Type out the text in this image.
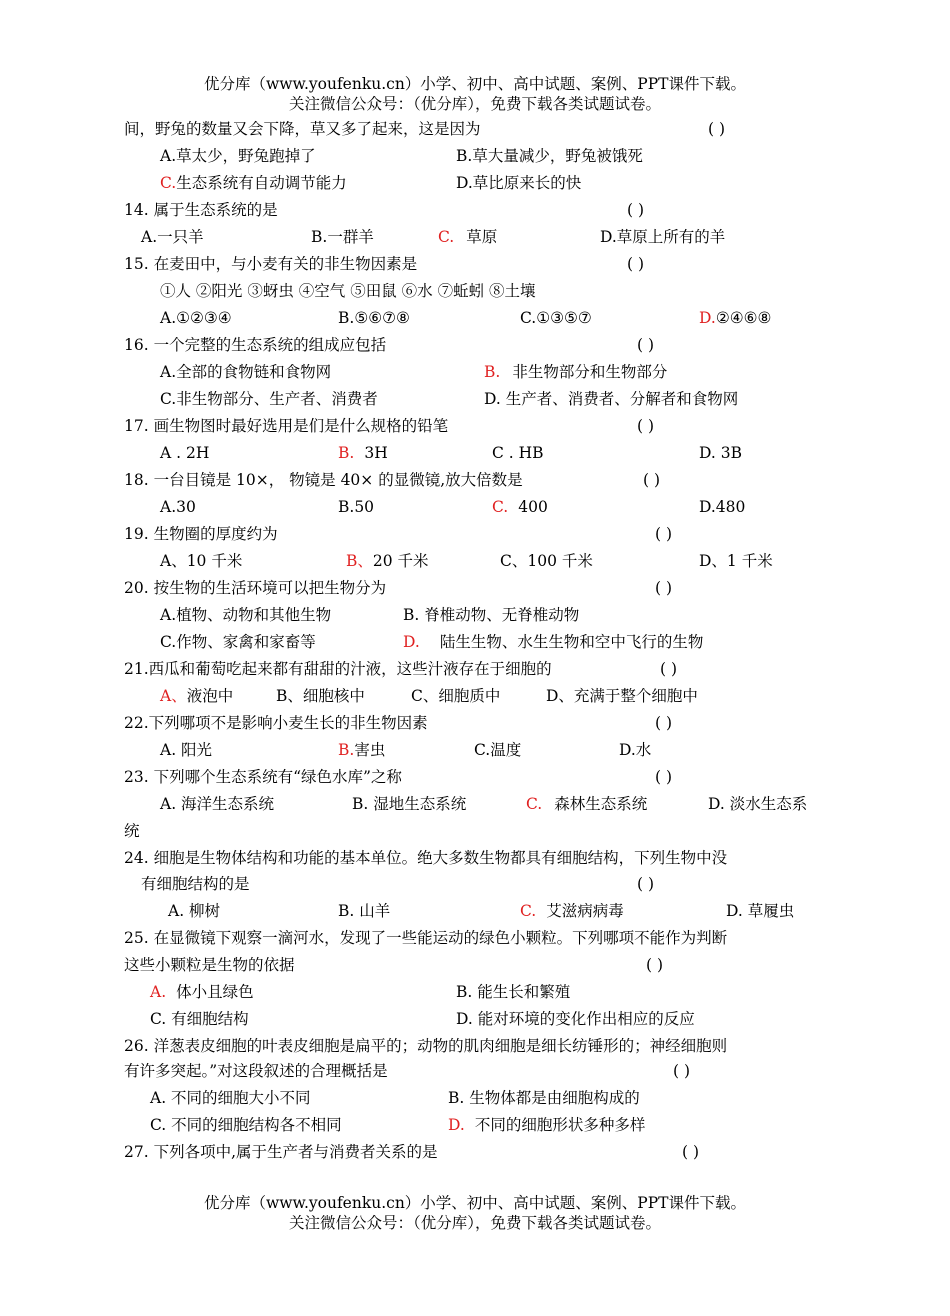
优分库（www.youfenku.cn）小学、初中、高中试题、案例、PPT课件下载。
关注微信公众号：（优分库），免费下载各类试题试卷。
间，野兔的数量又会下降，草又多了起来，这是因为	( )
A.草太少，野兔跑掉了	B.草大量减少，野兔被饿死
C.生态系统有自动调节能力	D.草比原来长的快
14. 属于生态系统的是	( )
A.一只羊	B.一群羊	C. 草原	D.草原上所有的羊
15. 在麦田中，与小麦有关的非生物因素是	( )
①人 ②阳光 ③蚜虫 ④空气 ⑤田鼠 ⑥水 ⑦蚯蚓 ⑧土壤
A.①②③④	B.⑤⑥⑦⑧	C.①③⑤⑦	D.②④⑥⑧
16. 一个完整的生态系统的组成应包括	( )
A.全部的食物链和食物网	B. 非生物部分和生物部分
C.非生物部分、生产者、消费者	D. 生产者、消费者、分解者和食物网
17. 画生物图时最好选用是们是什么规格的铅笔	( )
A . 2H	B. 3H	C . HB	D. 3B
18. 一台目镜是 10×， 物镜是 40× 的显微镜,放大倍数是	( )
A.30	B.50	C. 400	D.480
19. 生物圈的厚度约为	( )
A、10 千米	B、20 千米	C、100 千米	D、1 千米
20. 按生物的生活环境可以把生物分为	( )
A.植物、动物和其他生物	B. 脊椎动物、无脊椎动物
C.作物、家禽和家畜等	D. 陆生生物、水生生物和空中飞行的生物
21.西瓜和葡萄吃起来都有甜甜的汁液，这些汁液存在于细胞的	( )
A、液泡中	B、细胞核中	C、细胞质中	D、充满于整个细胞中
22.下列哪项不是影响小麦生长的非生物因素	( )
A. 阳光	B.害虫	C.温度	D.水
23. 下列哪个生态系统有“绿色水库”之称	( )
A. 海洋生态系统	B. 湿地生态系统	C. 森林生态系统	D. 淡水生态系
统
24. 细胞是生物体结构和功能的基本单位。绝大多数生物都具有细胞结构，下列生物中没
有细胞结构的是	( )
A. 柳树	B. 山羊	C. 艾滋病病毒	D. 草履虫
25. 在显微镜下观察一滴河水，发现了一些能运动的绿色小颗粒。下列哪项不能作为判断
这些小颗粒是生物的依据	( )
A. 体小且绿色	B. 能生长和繁殖
C. 有细胞结构	D. 能对环境的变化作出相应的反应
26. 洋葱表皮细胞的叶表皮细胞是扁平的；动物的肌肉细胞是细长纺锤形的；神经细胞则
有许多突起。”对这段叙述的合理概括是	( )
A. 不同的细胞大小不同	B. 生物体都是由细胞构成的
C. 不同的细胞结构各不相同	D. 不同的细胞形状多种多样
27. 下列各项中,属于生产者与消费者关系的是	( )
优分库（www.youfenku.cn）小学、初中、高中试题、案例、PPT课件下载。
关注微信公众号：（优分库），免费下载各类试题试卷。
